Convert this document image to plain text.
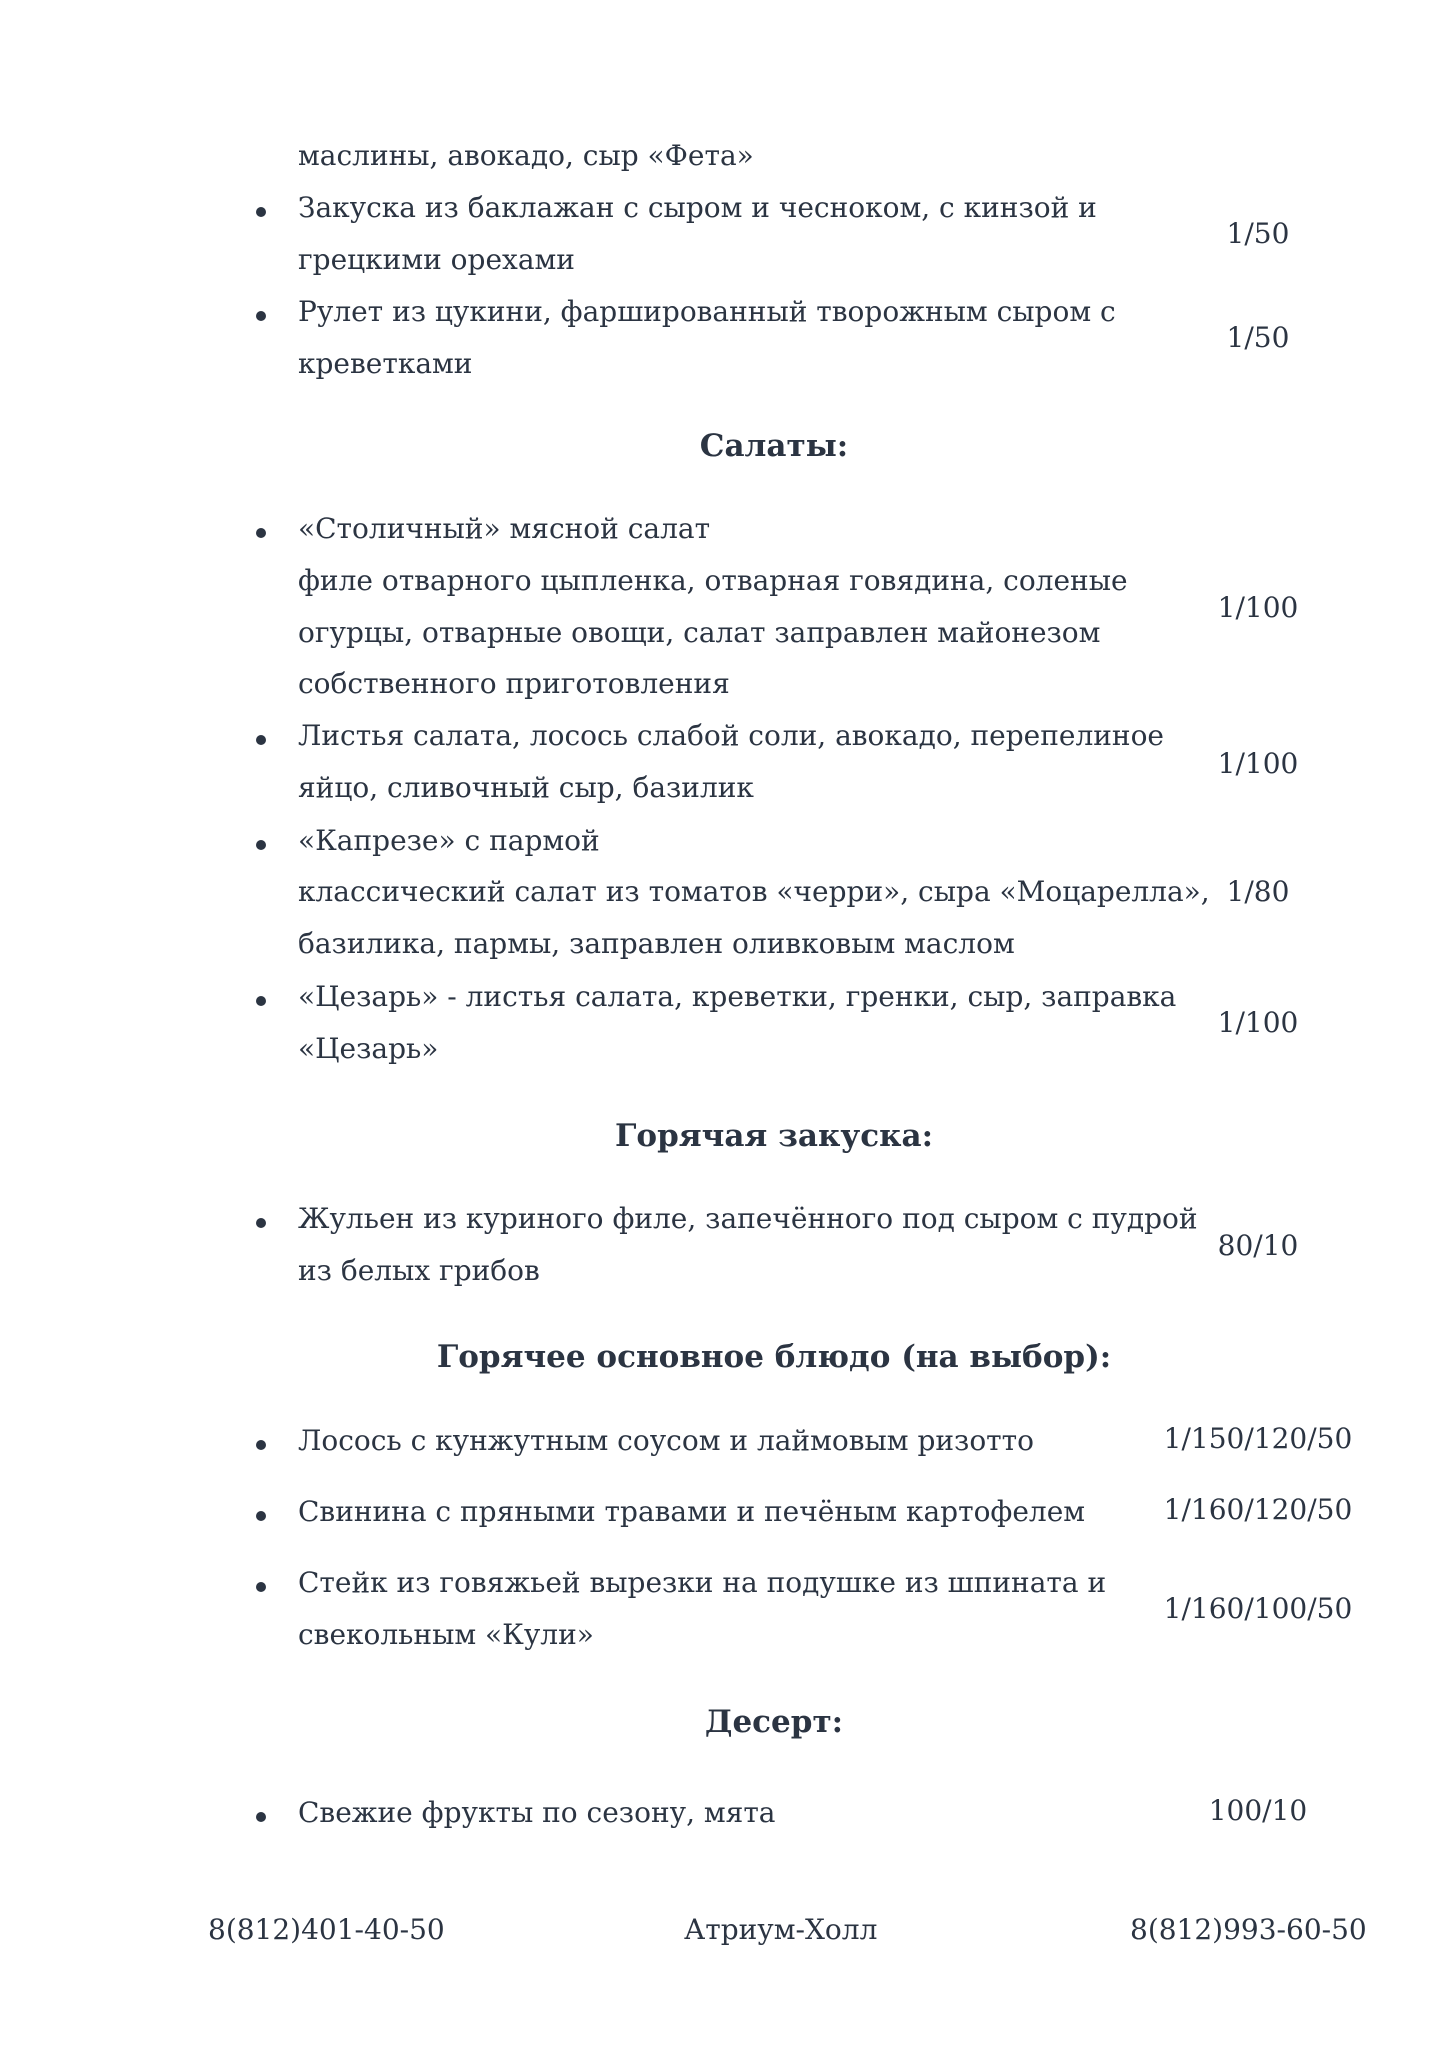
маслины, авокадо, сыр «Фета»
Закуска из баклажан с сыром и чесноком, с кинзой и
грецкими орехами
1/50
Рулет из цукини, фаршированный творожным сыром с
креветками
1/50
Салаты:
«Столичный» мясной салат
филе отварного цыпленка, отварная говядина, соленые
огурцы, отварные овощи, салат заправлен майонезом
собственного приготовления
1/100
Листья салата, лосось слабой соли, авокадо, перепелиное
яйцо, сливочный сыр, базилик
1/100
«Капрезе» с пармой
классический салат из томатов «черри», сыра «Моцарелла»,
базилика, пармы, заправлен оливковым маслом
1/80
«Цезарь» - листья салата, креветки, гренки, сыр, заправка
«Цезарь»
1/100
Горячая закуска:
Жульен из куриного филе, запечённого под сыром с пудрой
из белых грибов
80/10
Горячее основное блюдо (на выбор):
Лосось с кунжутным соусом и лаймовым ризотто	1/150/120/50
Свинина с пряными травами и печёным картофелем	1/160/120/50
Стейк из говяжьей вырезки на подушке из шпината и
свекольным «Кули»
1/160/100/50
Десерт:
Свежие фрукты по сезону, мята	100/10
8(812)401-40-50	Атриум-Холл	8(812)993-60-50
